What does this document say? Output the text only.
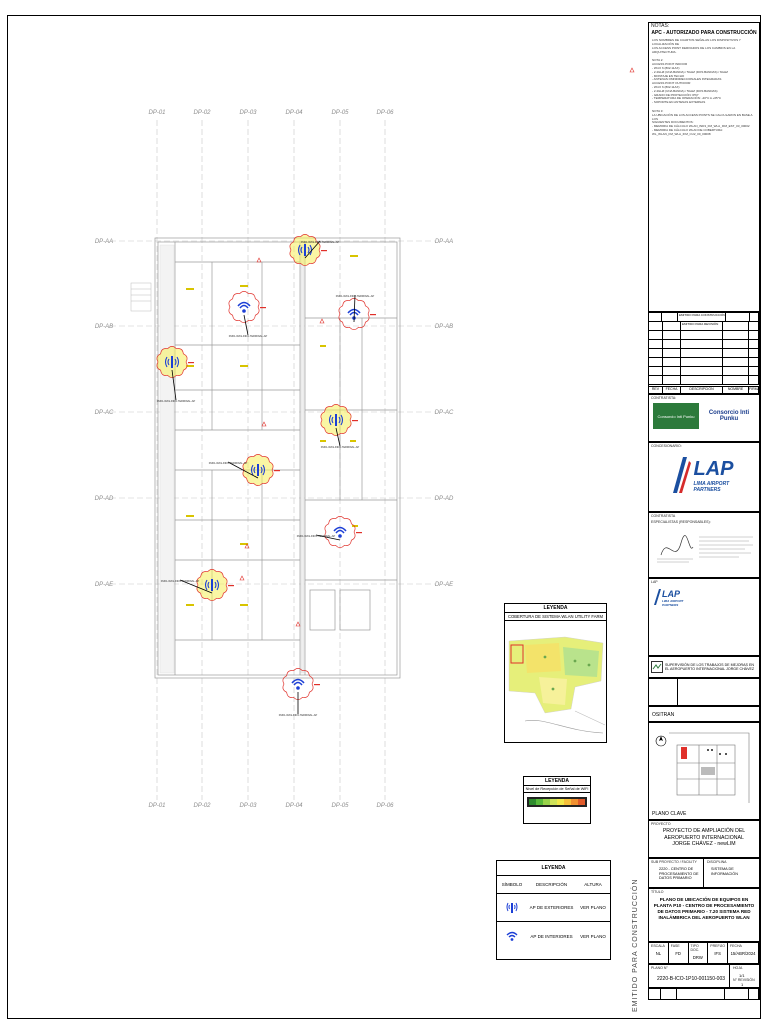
DP-01
DP-01
DP-02
DP-02
DP-03
DP-03
DP-04
DP-04
DP-05
DP-05
DP-06
DP-06
DP-AA	DP-AA
DP-AB	DP-AB
DP-AC	DP-AC
DP-AD	DP-AD
DP-AE	DP-AE
FM01-WAS-IND3-TERMINAL-AP
FM01-WAS-IND3-TERMINAL-AP
FM01-WAS-IND3-TERMINAL-AP
FM01-WAS-IND3-TERMINAL-AP
FM01-WAS-IND3-TERMINAL-AP
FM01-WAS-IND3-TERMINAL-AP
FM01-WAS-IND3-TERMINAL-AP
FM01-WAS-IND3-TERMINAL-AP
FM01-WAS-IND3-TERMINAL-AP
NOTAS:
APC - AUTORIZADO PARA CONSTRUCCIÓN
LOS NOMBRES DE CUARTOS SEÑALAN LOS DISPOSITIVOS Y LOCALIZACIÓN DE
LOS ACCESS POINT DERIVADOS DE LOS CAMBIOS EN LA ARQUITECTURA.
NOTA 2:
ACCESS POINT INDOOR
- WI-FI 6 (802.11AX)
- 2.4GHZ (UNA BANDA) / 5GHZ (DOS BANDAS) / 6GHZ
- MONTAJE EN TECHO
- ANTENAS OMNIDIRECCIONALES INTEGRADAS
ACCESS POINT OUTDOOR
- WI-FI 6 (802.11AX)
- 2.4GHZ (UNA BANDA) / 5GHZ (DOS BANDAS)
- GRADO DE PROTECCIÓN: IP67
- TEMPERATURA DE OPERACIÓN: -40°C A +65°C
- SOPORTE EN ANTENAS EXTERNAS
NOTA 3:
LA UBICACIÓN DE LOS ACCESS POINTS SE CALCULARON EN BASE A LOS
SIGUIENTES DOCUMENTOS:
- MEMORIA DE CÁLCULO WLAN_IND3_FM_WLA_IFM_EST_03_00002
- MEMORIA DE CÁLCULO WLAN DE COBERTURA: WL_WLAN_FM_WLA_IFM_CU2_00_00008
EMITIDO PARA CONSTRUCCIÓN
EMITIDO PARA REVISIÓN
REV	FECHA	DESCRIPCIÓN	NOMBRE	FIRMA
CONTRATISTA:
Consorcio Inti Punku	Consorcio Inti Punku
CONCESIONARIO:
LAP
LIMA AIRPORT PARTNERS
CONTRATISTA
ESPECIALISTAS (RESPONSABLES):
LAP
LAP
LIMA AIRPORT PARTNERS
SUPERVISIÓN DE LOS TRABAJOS DE MEJORAS EN EL AEROPUERTO INTERNACIONAL JORGE CHÁVEZ
OSITRAN
PLANO CLAVE
PROYECTO
PROYECTO DE AMPLIACIÓN DEL AEROPUERTO INTERNACIONAL JORGE CHÁVEZ - newLIM
SUB PROYECTO / FACILITY
2220 - CENTRO DE PROCESAMIENTO DE DATOS PRIMARIO
DISCIPLINA
SISTEMA DE INFORMACIÓN
TÍTULO
PLANO DE UBICACIÓN DE EQUIPOS EN PLANTA P10 - CENTRO DE PROCESAMIENTO DE DATOS PRIMARIO - 7.20 SISTEMA RED INALÁMBRICA DEL AEROPUERTO WLAN
ESCALA
NL
FASE
FD
TIPO DOC.
DRW
PREFIJO
IFS
FECHA
15/ABR/2024
PLANO N°
2220-B-ICO-1P10-001150-003
HOJA
1/1
N° REVISIÓN
1
EMITIDO PARA CONSTRUCCIÓN
LEYENDA
COBERTURA DE SISTEMA WLAN UTILITY FARM
LEYENDA
Nivel de Recepción de Señal de WiFi
LEYENDA
SÍMBOLO	DESCRIPCIÓN	ALTURA
AP DE EXTERIORES	VER PLANO
AP DE INTERIORES	VER PLANO
